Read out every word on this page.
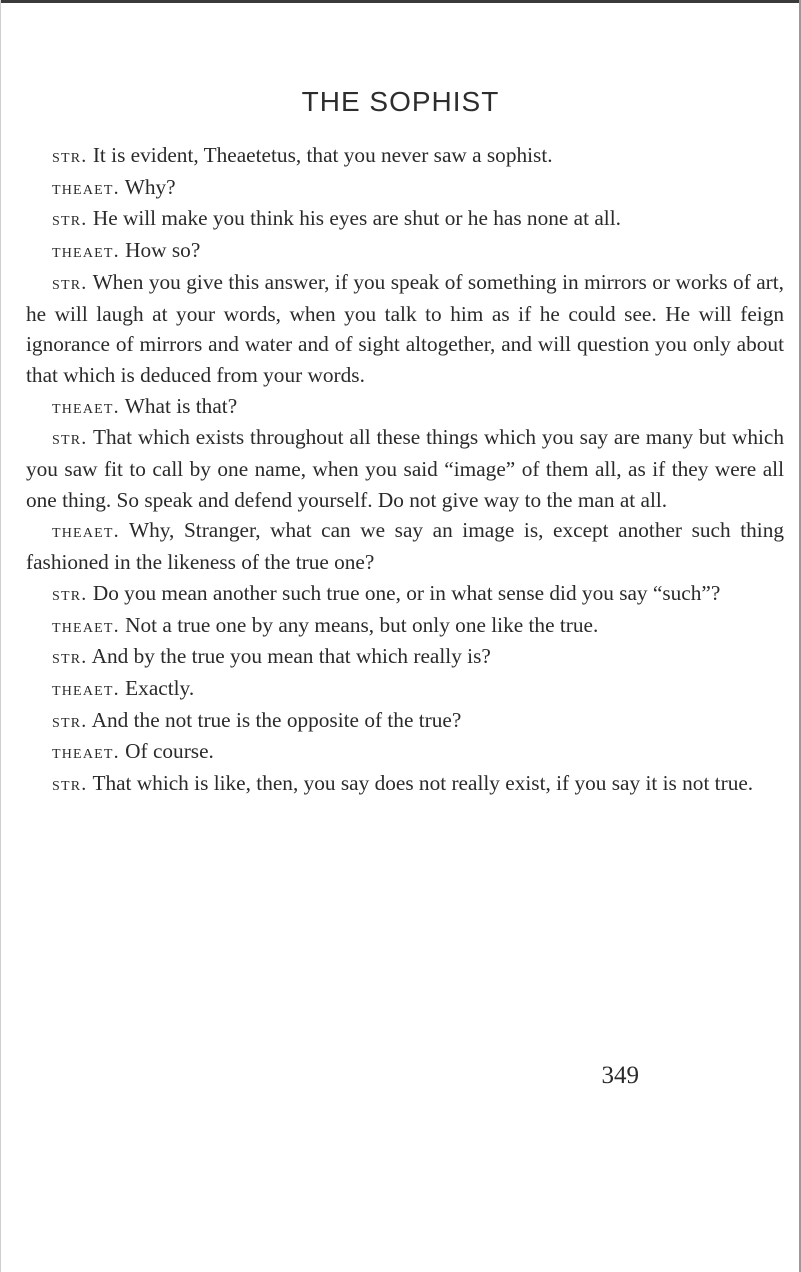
THE SOPHIST

str. It is evident, Theaetetus, that you never saw a sophist.

theaet. Why?

str. He will make you think his eyes are shut or he has none at all.

theaet. How so?

str. When you give this answer, if you speak of something in mirrors or works of art, he will laugh at your words, when you talk to him as if he could see. He will feign ignorance of mirrors and water and of sight altogether, and will question you only about that which is deduced from your words.

theaet. What is that?

str. That which exists throughout all these things which you say are many but which you saw fit to call by one name, when you said “image” of them all, as if they were all one thing. So speak and defend yourself. Do not give way to the man at all.

theaet. Why, Stranger, what can we say an image is, except another such thing fashioned in the likeness of the true one?

str. Do you mean another such true one, or in what sense did you say “such”?

theaet. Not a true one by any means, but only one like the true.

str. And by the true you mean that which really is?

theaet. Exactly.

str. And the not true is the opposite of the true?

theaet. Of course.

str. That which is like, then, you say does not really exist, if you say it is not true.

349
